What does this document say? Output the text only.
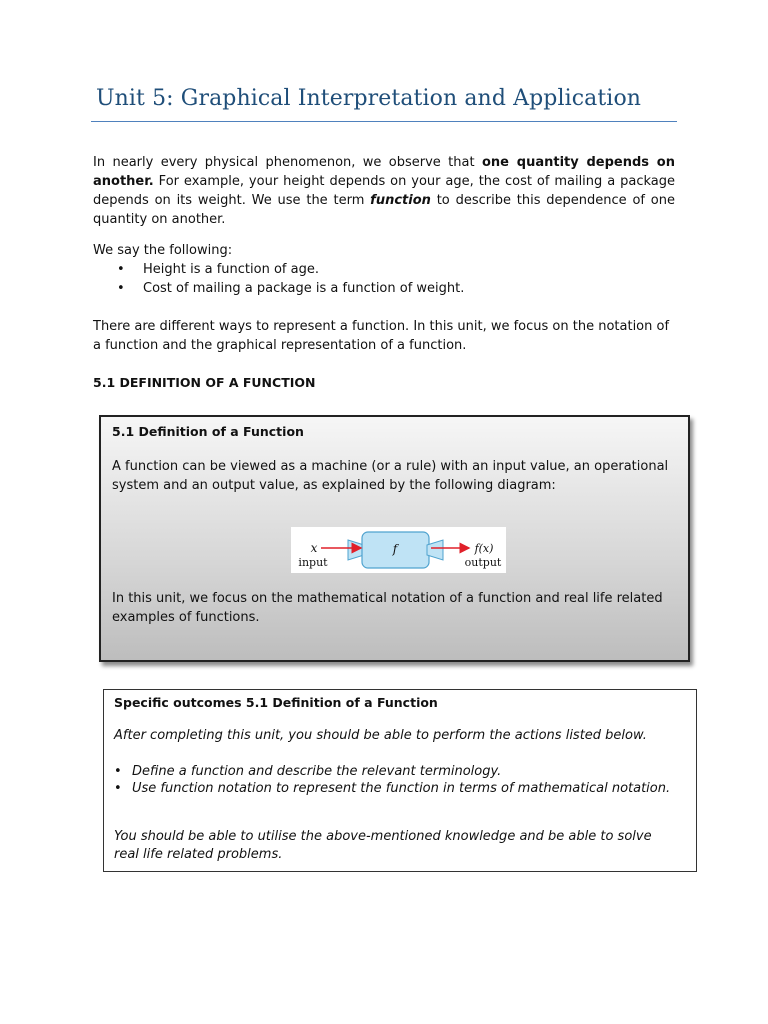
Unit 5: Graphical Interpretation and Application

In nearly every physical phenomenon, we observe that one quantity depends on another. For example, your height depends on your age, the cost of mailing a package depends on its weight. We use the term function to describe this dependence of one quantity on another.

We say the following:

• Height is a function of age.
• Cost of mailing a package is a function of weight.

There are different ways to represent a function. In this unit, we focus on the notation of a function and the graphical representation of a function.

5.1 DEFINITION OF A FUNCTION
5.1 Definition of a Function

A function can be viewed as a machine (or a rule) with an input value, an operational system and an output value, as explained by the following diagram:

x
input
f	f(x)
output

In this unit, we focus on the mathematical notation of a function and real life related examples of functions.

Specific outcomes 5.1 Definition of a Function
After completing this unit, you should be able to perform the actions listed below.
• Define a function and describe the relevant terminology.
• Use function notation to represent the function in terms of mathematical notation.

You should be able to utilise the above-mentioned knowledge and be able to solve real life related problems.
